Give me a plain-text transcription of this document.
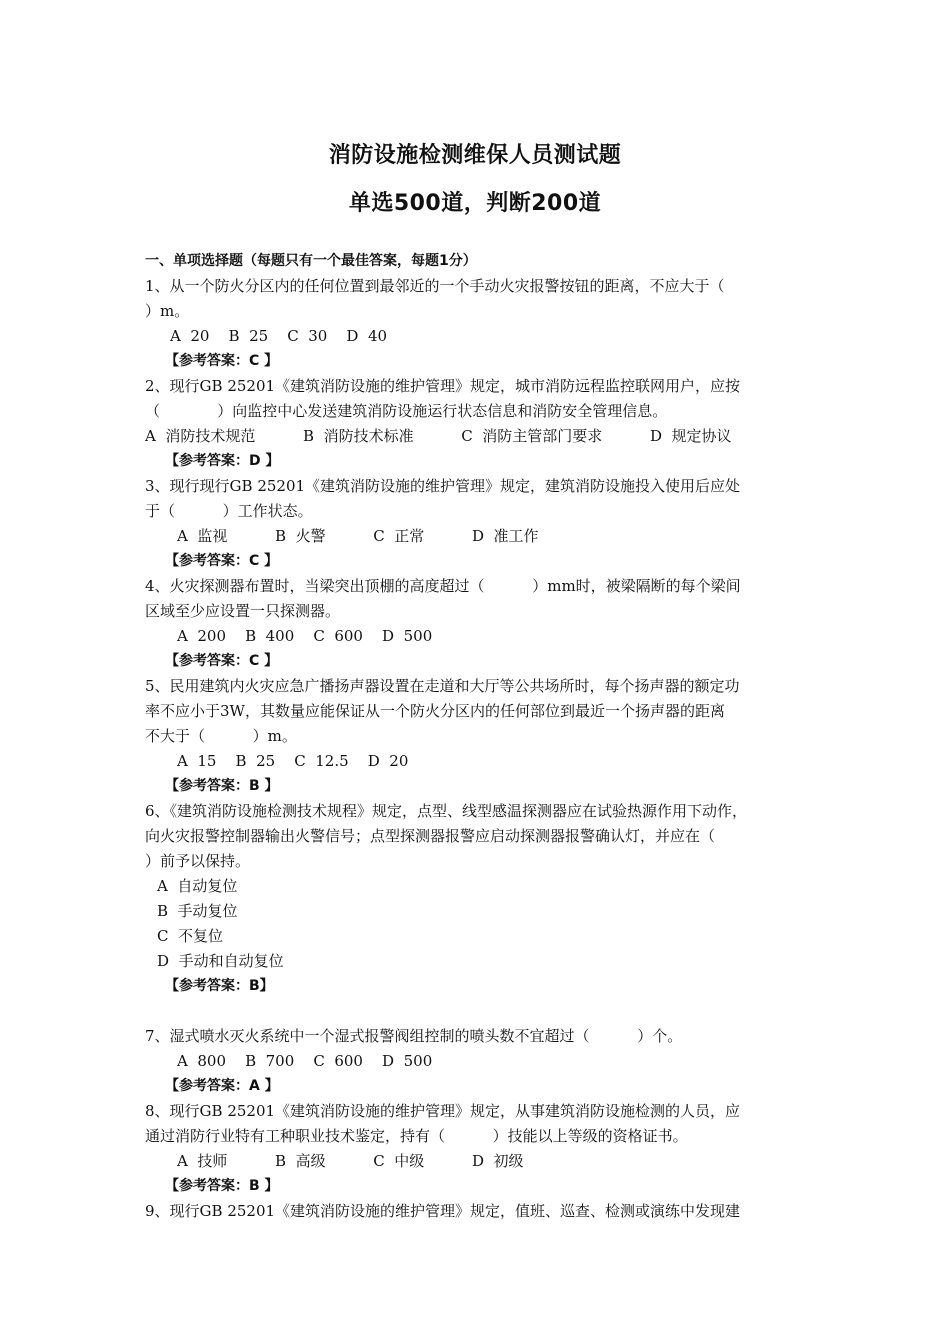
消防设施检测维保人员测试题
单选500道，判断200道
一、单项选择题（每题只有一个最佳答案，每题1分）
1、从一个防火分区内的任何位置到最邻近的一个手动火灾报警按钮的距离，不应大于（
）m。
A  20    B  25    C  30    D  40
【参考答案：C 】
2、现行GB 25201《建筑消防设施的维护管理》规定，城市消防远程监控联网用户，应按
（            ）向监控中心发送建筑消防设施运行状态信息和消防安全管理信息。
A  消防技术规范          B  消防技术标准          C  消防主管部门要求          D  规定协议
【参考答案：D 】
3、现行现行GB 25201《建筑消防设施的维护管理》规定，建筑消防设施投入使用后应处
于（          ）工作状态。
A  监视          B  火警          C  正常          D  准工作
【参考答案：C 】
4、火灾探测器布置时，当梁突出顶棚的高度超过（          ）mm时，被梁隔断的每个梁间
区域至少应设置一只探测器。
A  200    B  400    C  600    D  500
【参考答案：C 】
5、民用建筑内火灾应急广播扬声器设置在走道和大厅等公共场所时，每个扬声器的额定功
率不应小于3W，其数量应能保证从一个防火分区内的任何部位到最近一个扬声器的距离
不大于（          ）m。
A  15    B  25    C  12.5    D  20
【参考答案：B 】
6、《建筑消防设施检测技术规程》规定，点型、线型感温探测器应在试验热源作用下动作，
向火灾报警控制器输出火警信号；点型探测器报警应启动探测器报警确认灯，并应在（
）前予以保持。
A  自动复位
B  手动复位
C  不复位
D  手动和自动复位
【参考答案：B】
7、湿式喷水灭火系统中一个湿式报警阀组控制的喷头数不宜超过（          ）个。
A  800    B  700    C  600    D  500
【参考答案：A 】
8、现行GB 25201《建筑消防设施的维护管理》规定，从事建筑消防设施检测的人员，应
通过消防行业特有工种职业技术鉴定，持有（          ）技能以上等级的资格证书。
A  技师          B  高级          C  中级          D  初级
【参考答案：B 】
9、现行GB 25201《建筑消防设施的维护管理》规定，值班、巡查、检测或演练中发现建
